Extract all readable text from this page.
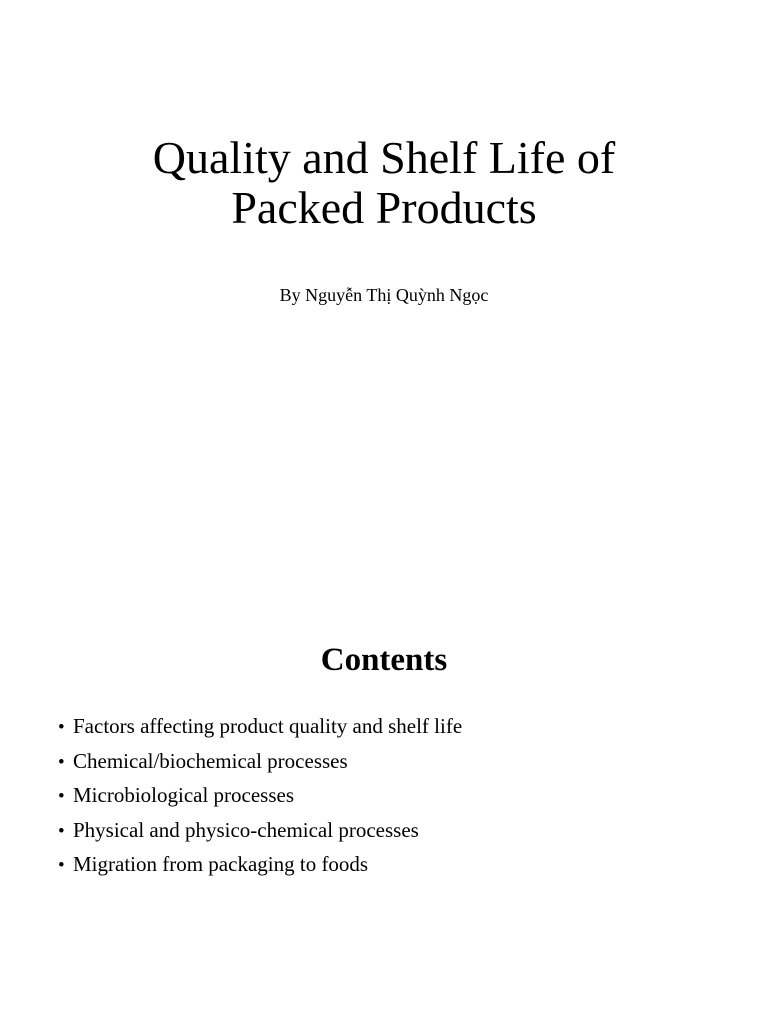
Quality and Shelf Life of
Packed Products
By Nguyễn Thị Quỳnh Ngọc
Contents
• Factors affecting product quality and shelf life
• Chemical/biochemical processes
• Microbiological processes
• Physical and physico-chemical processes
• Migration from packaging to foods
